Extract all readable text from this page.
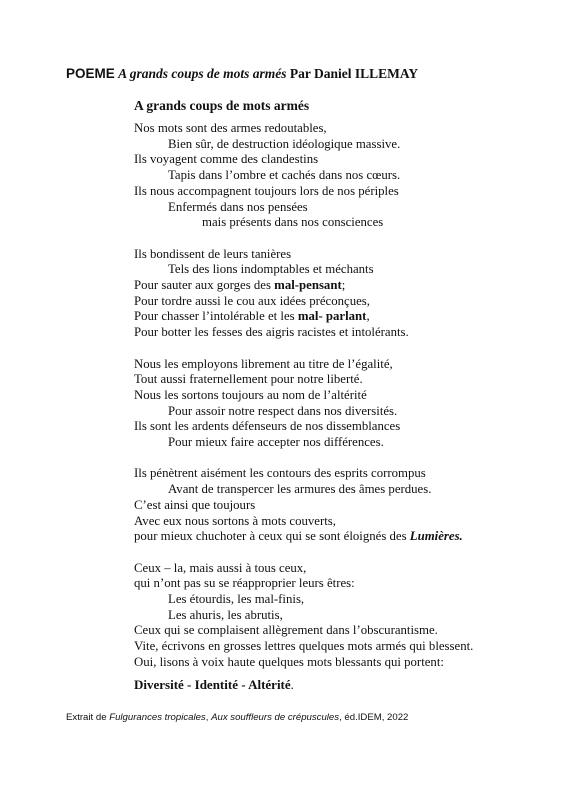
POEME A grands coups de mots armés Par Daniel ILLEMAY
A grands coups de mots armés
Nos mots sont des armes redoutables,
Bien sûr, de destruction idéologique massive.
Ils voyagent comme des clandestins
Tapis dans l’ombre et cachés dans nos cœurs.
Ils nous accompagnent toujours lors de nos périples
Enfermés dans nos pensées
mais présents dans nos consciences
Ils bondissent de leurs tanières
Tels des lions indomptables et méchants
Pour sauter aux gorges des mal-pensant;
Pour tordre aussi le cou aux idées préconçues,
Pour chasser l’intolérable et les mal- parlant,
Pour botter les fesses des aigris racistes et intolérants.
Nous les employons librement au titre de l’égalité,
Tout aussi fraternellement pour notre liberté.
Nous les sortons toujours au nom de l’altérité
Pour assoir notre respect dans nos diversités.
Ils sont les ardents défenseurs de nos dissemblances
Pour mieux faire accepter nos différences.
Ils pénètrent aisément les contours des esprits corrompus
Avant de transpercer les armures des âmes perdues.
C’est ainsi que toujours
Avec eux nous sortons à mots couverts,
pour mieux chuchoter à ceux qui se sont éloignés des Lumières.
Ceux – la, mais aussi à tous ceux,
qui n’ont pas su se réapproprier leurs êtres:
Les étourdis, les mal-finis,
Les ahuris, les abrutis,
Ceux qui se complaisent allègrement dans l’obscurantisme.
Vite, écrivons en grosses lettres quelques mots armés qui blessent.
Oui, lisons à voix haute quelques mots blessants qui portent:
Diversité - Identité - Altérité.
Extrait de Fulgurances tropicales, Aux souffleurs de crépuscules, éd.IDEM, 2022
